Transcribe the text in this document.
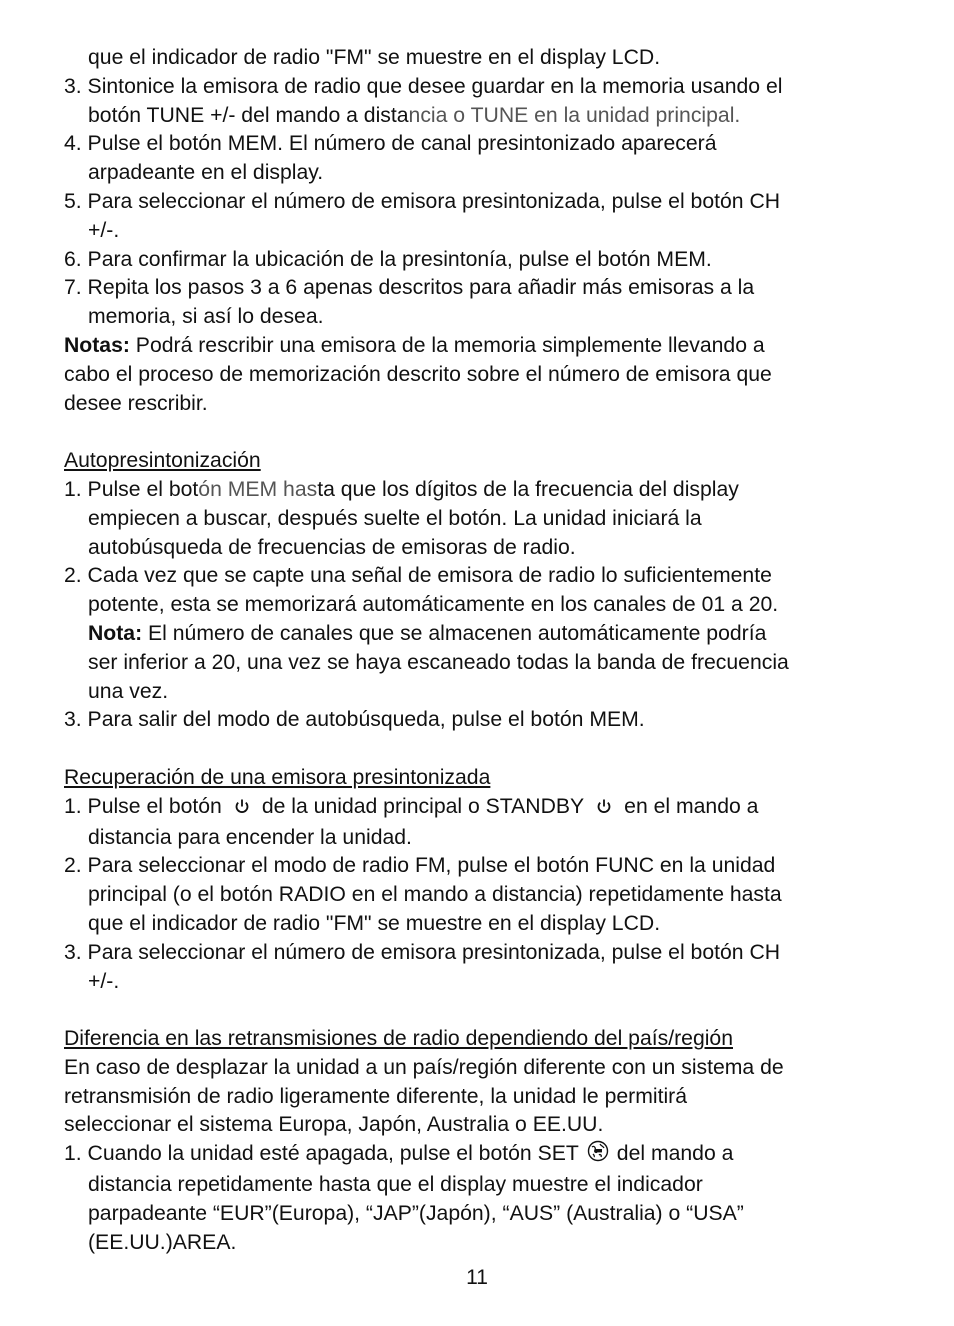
que el indicador de radio "FM" se muestre en el display LCD.
3. Sintonice la emisora de radio que desee guardar en la memoria usando el
botón TUNE +/- del mando a distancia o TUNE en la unidad principal.
4. Pulse el botón MEM. El número de canal presintonizado aparecerá
arpadeante en el display.
5. Para seleccionar el número de emisora presintonizada, pulse el botón CH
+/-.
6. Para confirmar la ubicación de la presintonía, pulse el botón MEM.
7. Repita los pasos 3 a 6 apenas descritos para añadir más emisoras a la
memoria, si así lo desea.
Notas: Podrá rescribir una emisora de la memoria simplemente llevando a
cabo el proceso de memorización descrito sobre el número de emisora que
desee rescribir.
Autopresintonización
1. Pulse el botón MEM hasta que los dígitos de la frecuencia del display
empiecen a buscar, después suelte el botón. La unidad iniciará la
autobúsqueda de frecuencias de emisoras de radio.
2. Cada vez que se capte una señal de emisora de radio lo suficientemente
potente, esta se memorizará automáticamente en los canales de 01 a 20.
Nota: El número de canales que se almacenen automáticamente podría
ser inferior a 20, una vez se haya escaneado todas la banda de frecuencia
una vez.
3. Para salir del modo de autobúsqueda, pulse el botón MEM.
Recuperación de una emisora presintonizada
1. Pulse el botón de la unidad principal o STANDBY en el mando a
distancia para encender la unidad.
2. Para seleccionar el modo de radio FM, pulse el botón FUNC en la unidad
principal (o el botón RADIO en el mando a distancia) repetidamente hasta
que el indicador de radio "FM" se muestre en el display LCD.
3. Para seleccionar el número de emisora presintonizada, pulse el botón CH
+/-.
Diferencia en las retransmisiones de radio dependiendo del país/región
En caso de desplazar la unidad a un país/región diferente con un sistema de
retransmisión de radio ligeramente diferente, la unidad le permitirá
seleccionar el sistema Europa, Japón, Australia o EE.UU.
1. Cuando la unidad esté apagada, pulse el botón SET del mando a
distancia repetidamente hasta que el display muestre el indicador
parpadeante “EUR”(Europa), “JAP”(Japón), “AUS” (Australia) o “USA”
(EE.UU.)AREA.
11
